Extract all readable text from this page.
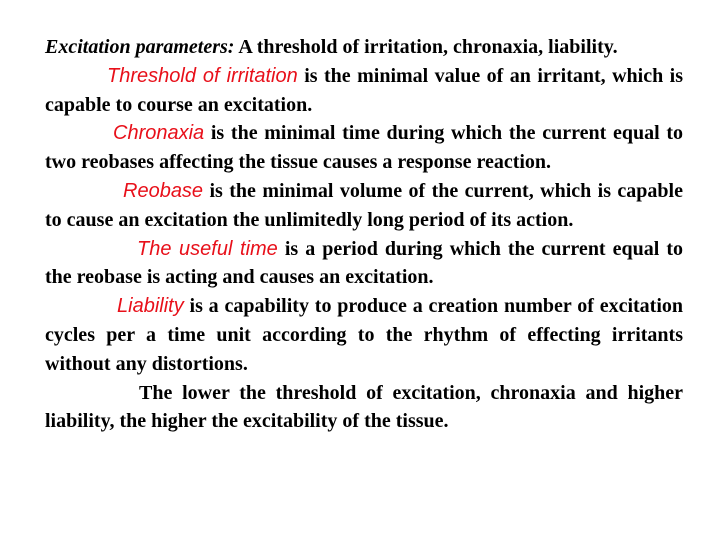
Excitation parameters: A threshold of irritation, chronaxia, liability.

Threshold of irritation is the minimal value of an irritant, which is capable to course an excitation.

Chronaxia is the minimal time during which the current equal to two reobases affecting the tissue causes a response reaction.

Reobase is the minimal volume of the current, which is capable to cause an excitation the unlimitedly long period of its action.

The useful time is a period during which the current equal to the reobase is acting and causes an excitation.

Liability is a capability to produce a creation number of excitation cycles per a time unit according to the rhythm of effecting irritants without any distortions.

The lower the threshold of excitation, chronaxia and higher liability, the higher the excitability of the tissue.
